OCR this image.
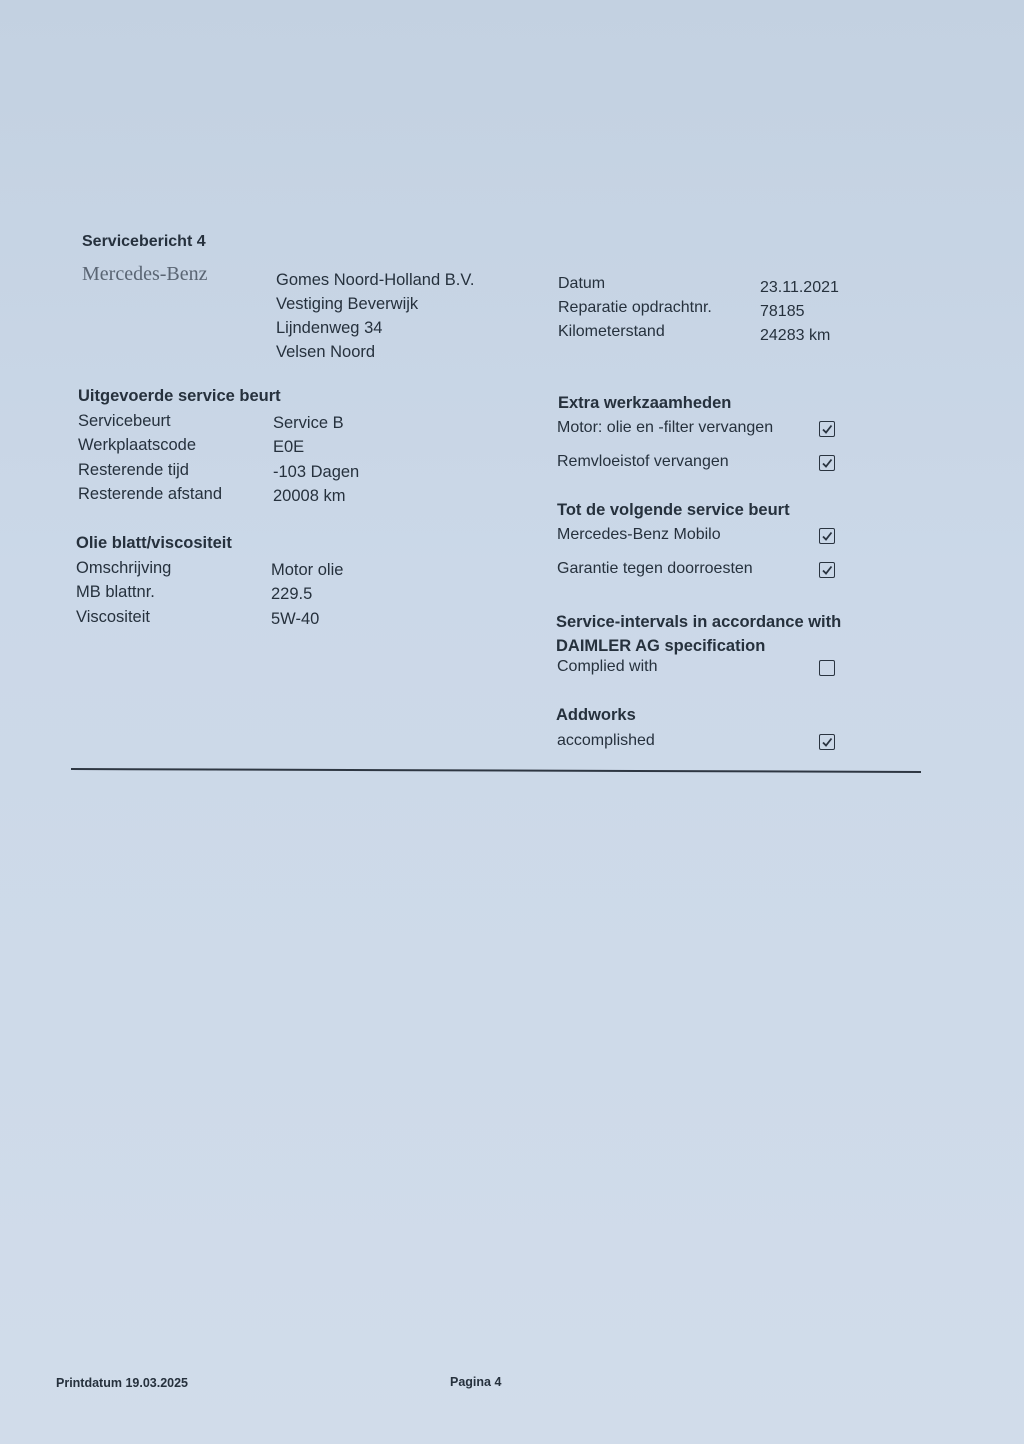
Servicebericht 4
Mercedes-Benz	Gomes Noord-Holland B.V.
Vestiging Beverwijk
Lijndenweg 34
Velsen Noord
Datum
Reparatie opdrachtnr.
Kilometerstand
23.11.2021
78185
24283 km
Uitgevoerde service beurt
Servicebeurt
Werkplaatscode
Resterende tijd
Resterende afstand
Service B
E0E
-103 Dagen
20008 km
Olie blatt/viscositeit
Omschrijving
MB blattnr.
Viscositeit
Motor olie
229.5
5W-40
Extra werkzaamheden
Motor: olie en -filter vervangen
Remvloeistof vervangen
Tot de volgende service beurt
Mercedes-Benz Mobilo
Garantie tegen doorroesten
Service-intervals in accordance with
DAIMLER AG specification
Complied with
Addworks
accomplished
Printdatum 19.03.2025	Pagina 4
